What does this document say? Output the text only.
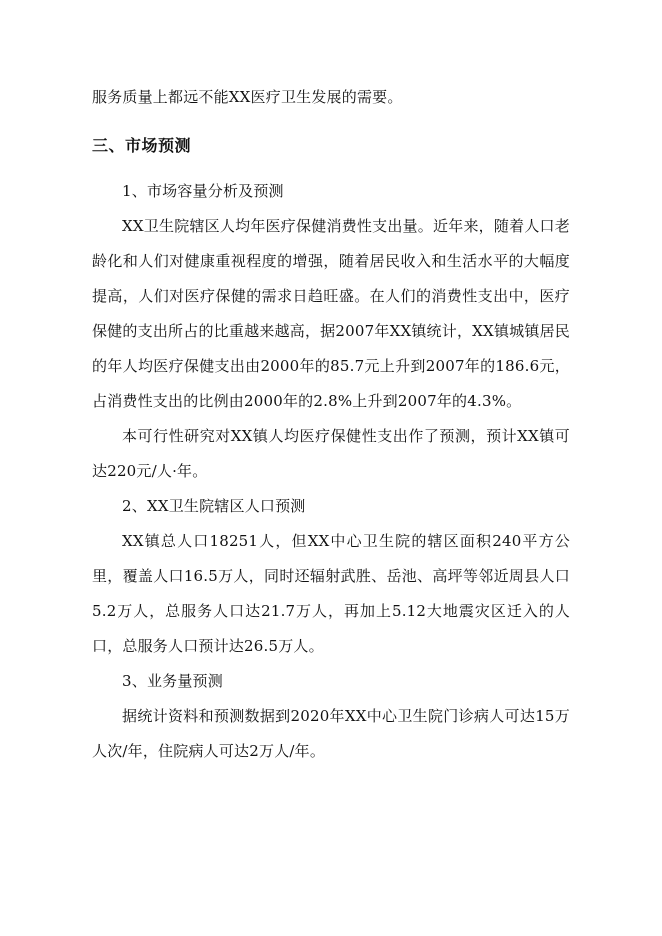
服务质量上都远不能XX医疗卫生发展的需要。

三、市场预测

1、市场容量分析及预测

XX卫生院辖区人均年医疗保健消费性支出量。近年来，随着人口老龄化和人们对健康重视程度的增强，随着居民收入和生活水平的大幅度提高，人们对医疗保健的需求日趋旺盛。在人们的消费性支出中，医疗保健的支出所占的比重越来越高，据2007年XX镇统计，XX镇城镇居民的年人均医疗保健支出由2000年的85.7元上升到2007年的186.6元，占消费性支出的比例由2000年的2.8%上升到2007年的4.3%。

本可行性研究对XX镇人均医疗保健性支出作了预测，预计XX镇可达220元/人·年。

2、XX卫生院辖区人口预测

XX镇总人口18251人，但XX中心卫生院的辖区面积240平方公里，覆盖人口16.5万人，同时还辐射武胜、岳池、高坪等邻近周县人口5.2万人，总服务人口达21.7万人，再加上5.12大地震灾区迁入的人口，总服务人口预计达26.5万人。

3、业务量预测

据统计资料和预测数据到2020年XX中心卫生院门诊病人可达15万人次/年，住院病人可达2万人/年。
